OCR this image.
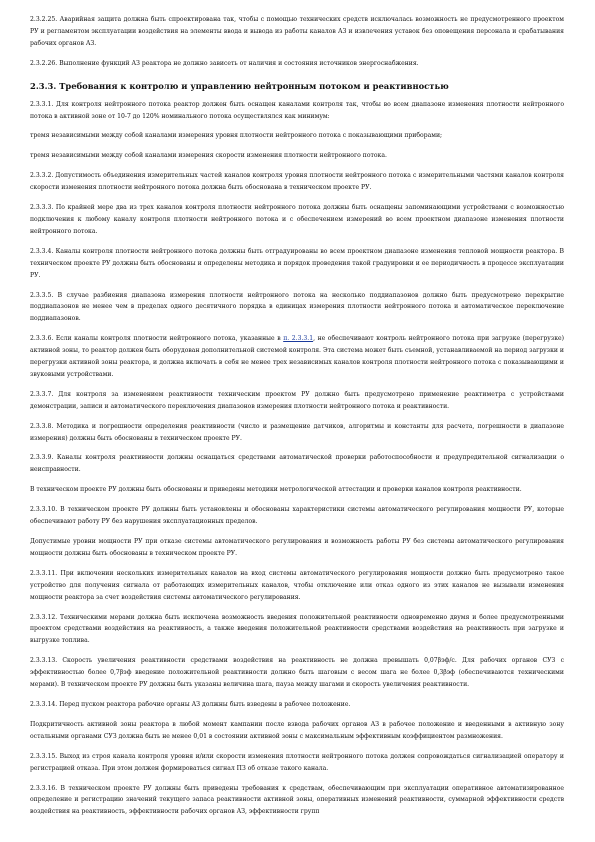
2.3.2.25. Аварийная защита должна быть спроектирована так, чтобы с помощью технических средств исключалась возможность не предусмотренного проектом РУ и регламентом эксплуатации воздействия на элементы ввода и вывода из работы каналов АЗ и извлечения уставок без оповещения персонала и срабатывания рабочих органов АЗ.

2.3.2.26. Выполнение функций АЗ реактора не должно зависеть от наличия и состояния источников энергоснабжения.

2.3.3. Требования к контролю и управлению нейтронным потоком и реактивностью

2.3.3.1. Для контроля нейтронного потока реактор должен быть оснащен каналами контроля так, чтобы во всем диапазоне изменения плотности нейтронного потока в активной зоне от 10-7 до 120% номинального потока осуществлялся как минимум:

тремя независимыми между собой каналами измерения уровня плотности нейтронного потока с показывающими приборами;

тремя независимыми между собой каналами измерения скорости изменения плотности нейтронного потока.

2.3.3.2. Допустимость объединения измерительных частей каналов контроля уровня плотности нейтронного потока с измерительными частями каналов контроля скорости изменения плотности нейтронного потока должна быть обоснована в техническом проекте РУ.

2.3.3.3. По крайней мере два из трех каналов контроля плотности нейтронного потока должны быть оснащены запоминающими устройствами с возможностью подключения к любому каналу контроля плотности нейтронного потока и с обеспечением измерений во всем проектном диапазоне изменения плотности нейтронного потока.

2.3.3.4. Каналы контроля плотности нейтронного потока должны быть отградуированы во всем проектном диапазоне изменения тепловой мощности реактора. В техническом проекте РУ должны быть обоснованы и определены методика и порядок проведения такой градуировки и ее периодичность в процессе эксплуатации РУ.

2.3.3.5. В случае разбиения диапазона измерения плотности нейтронного потока на несколько поддиапазонов должно быть предусмотрено перекрытие поддиапазонов не менее чем в пределах одного десятичного порядка в единицах измерения плотности нейтронного потока и автоматическое переключение поддиапазонов.

2.3.3.6. Если каналы контроля плотности нейтронного потока, указанные в п. 2.3.3.1, не обеспечивают контроль нейтронного потока при загрузке (перегрузке) активной зоны, то реактор должен быть оборудован дополнительной системой контроля. Эта система может быть съемной, устанавливаемой на период загрузки и перегрузки активной зоны реактора, и должна включать в себя не менее трех независимых каналов контроля плотности нейтронного потока с показывающими и звуковыми устройствами.

2.3.3.7. Для контроля за изменением реактивности техническим проектом РУ должно быть предусмотрено применение реактиметра с устройствами демонстрации, записи и автоматического переключения диапазонов измерения плотности нейтронного потока и реактивности.

2.3.3.8. Методика и погрешности определения реактивности (число и размещение датчиков, алгоритмы и константы для расчета, погрешности в диапазоне измерения) должны быть обоснованы в техническом проекте РУ.

2.3.3.9. Каналы контроля реактивности должны оснащаться средствами автоматической проверки работоспособности и предупредительной сигнализации о неисправности.

В техническом проекте РУ должны быть обоснованы и приведены методики метрологической аттестации и проверки каналов контроля реактивности.

2.3.3.10. В техническом проекте РУ должны быть установлены и обоснованы характеристики системы автоматического регулирования мощности РУ, которые обеспечивают работу РУ без нарушения эксплуатационных пределов.

Допустимые уровни мощности РУ при отказе системы автоматического регулирования и возможность работы РУ без системы автоматического регулирования мощности должны быть обоснованы в техническом проекте РУ.

2.3.3.11. При включении нескольких измерительных каналов на вход системы автоматического регулирования мощности должно быть предусмотрено такое устройство для получения сигнала от работающих измерительных каналов, чтобы отключение или отказ одного из этих каналов не вызывали изменения мощности реактора за счет воздействия системы автоматического регулирования.

2.3.3.12. Техническими мерами должна быть исключена возможность введения положительной реактивности одновременно двумя и более предусмотренными проектом средствами воздействия на реактивность, а также введения положительной реактивности средствами воздействия на реактивность при загрузке и выгрузке топлива.

2.3.3.13. Скорость увеличения реактивности средствами воздействия на реактивность не должна превышать 0,07βэф/с. Для рабочих органов СУЗ с эффективностью более 0,7βэф введение положительной реактивности должно быть шаговым с весом шага не более 0,3βэф (обеспечиваются техническими мерами). В техническом проекте РУ должны быть указаны величина шага, пауза между шагами и скорость увеличения реактивности.

2.3.3.14. Перед пуском реактора рабочие органы АЗ должны быть взведены в рабочее положение.

Подкритичность активной зоны реактора в любой момент кампании после взвода рабочих органов АЗ в рабочее положение и введенными в активную зону остальными органами СУЗ должна быть не менее 0,01 в состоянии активной зоны с максимальным эффективным коэффициентом размножения.

2.3.3.15. Выход из строя канала контроля уровня и/или скорости изменения плотности нейтронного потока должен сопровождаться сигнализацией оператору и регистрацией отказа. При этом должен формироваться сигнал ПЗ об отказе такого канала.

2.3.3.16. В техническом проекте РУ должны быть приведены требования к средствам, обеспечивающим при эксплуатации оперативное автоматизированное определение и регистрацию значений текущего запаса реактивности активной зоны, оперативных изменений реактивности, суммарной эффективности средств воздействия на реактивность, эффективности рабочих органов АЗ, эффективности групп
